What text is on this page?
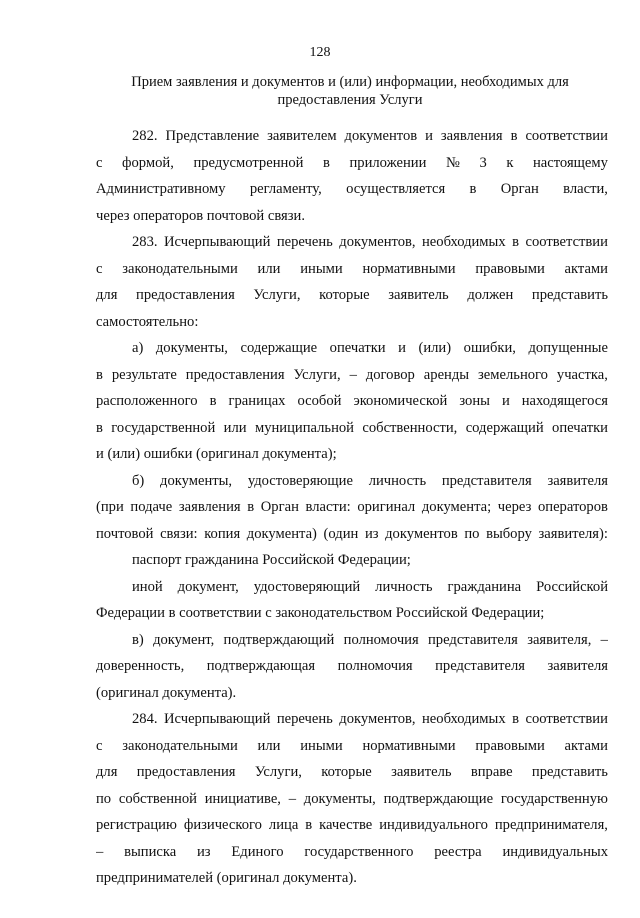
128
Прием заявления и документов и (или) информации, необходимых для
предоставления Услуги
282. Представление заявителем документов и заявления в соответствии
с формой, предусмотренной в приложении № 3 к настоящему
Административному регламенту, осуществляется в Орган власти,
через операторов почтовой связи.
283. Исчерпывающий перечень документов, необходимых в соответствии
с законодательными или иными нормативными правовыми актами
для предоставления Услуги, которые заявитель должен представить
самостоятельно:
а) документы, содержащие опечатки и (или) ошибки, допущенные
в результате предоставления Услуги, – договор аренды земельного участка,
расположенного в границах особой экономической зоны и находящегося
в государственной или муниципальной собственности, содержащий опечатки
и (или) ошибки (оригинал документа);
б) документы, удостоверяющие личность представителя заявителя
(при подаче заявления в Орган власти: оригинал документа; через операторов
почтовой связи: копия документа) (один из документов по выбору заявителя):
паспорт гражданина Российской Федерации;
иной документ, удостоверяющий личность гражданина Российской
Федерации в соответствии с законодательством Российской Федерации;
в) документ, подтверждающий полномочия представителя заявителя, –
доверенность, подтверждающая полномочия представителя заявителя
(оригинал документа).
284. Исчерпывающий перечень документов, необходимых в соответствии
с законодательными или иными нормативными правовыми актами
для предоставления Услуги, которые заявитель вправе представить
по собственной инициативе, – документы, подтверждающие государственную
регистрацию физического лица в качестве индивидуального предпринимателя,
– выписка из Единого государственного реестра индивидуальных
предпринимателей (оригинал документа).
